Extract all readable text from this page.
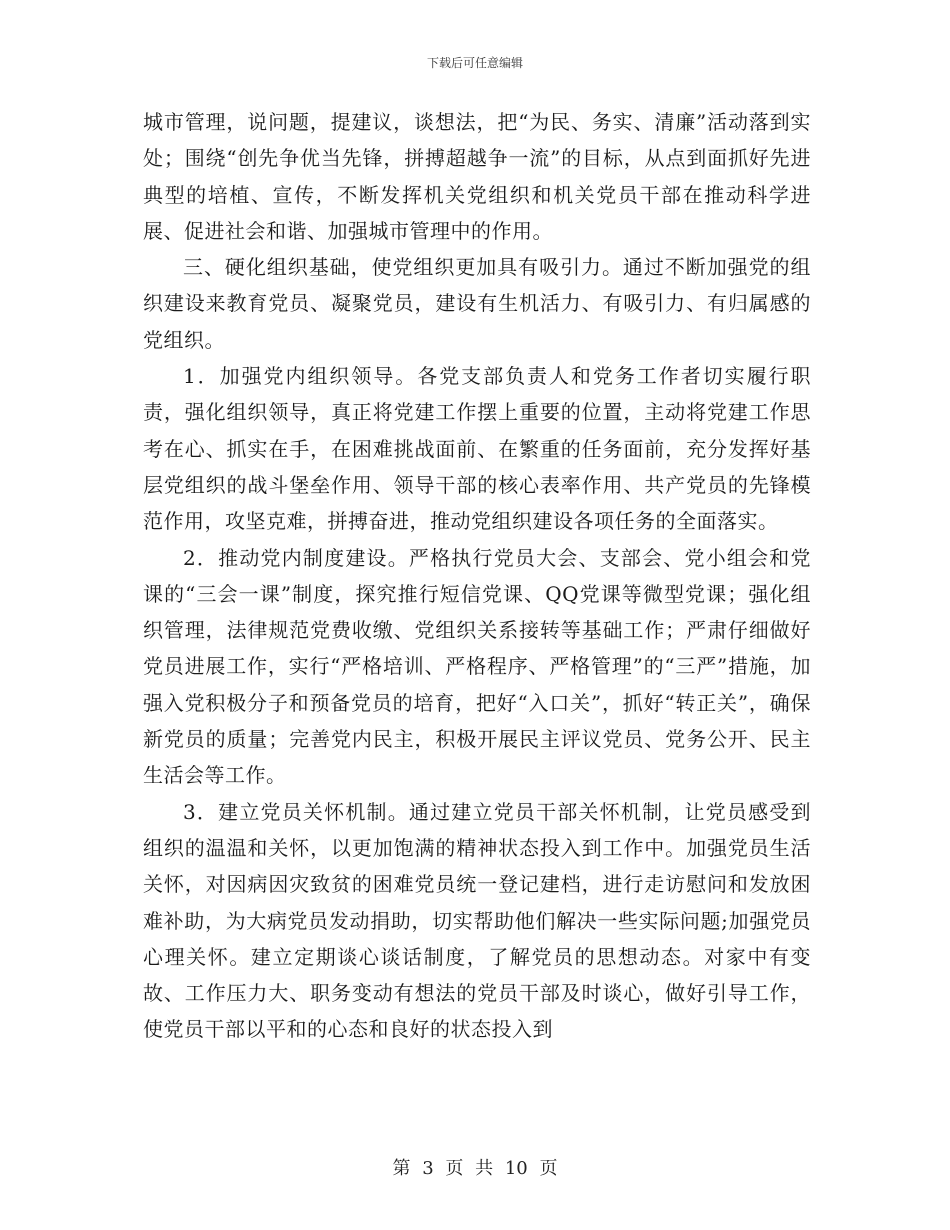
下载后可任意编辑

城市管理，说问题，提建议，谈想法，把“为民、务实、清廉”活动落到实处；围绕“创先争优当先锋，拼搏超越争一流”的目标，从点到面抓好先进典型的培植、宣传，不断发挥机关党组织和机关党员干部在推动科学进展、促进社会和谐、加强城市管理中的作用。

三、硬化组织基础，使党组织更加具有吸引力。通过不断加强党的组织建设来教育党员、凝聚党员，建设有生机活力、有吸引力、有归属感的党组织。

1．加强党内组织领导。各党支部负责人和党务工作者切实履行职责，强化组织领导，真正将党建工作摆上重要的位置，主动将党建工作思考在心、抓实在手，在困难挑战面前、在繁重的任务面前，充分发挥好基层党组织的战斗堡垒作用、领导干部的核心表率作用、共产党员的先锋模范作用，攻坚克难，拼搏奋进，推动党组织建设各项任务的全面落实。

2．推动党内制度建设。严格执行党员大会、支部会、党小组会和党课的“三会一课”制度，探究推行短信党课、QQ党课等微型党课；强化组织管理，法律规范党费收缴、党组织关系接转等基础工作；严肃仔细做好党员进展工作，实行“严格培训、严格程序、严格管理”的“三严”措施，加强入党积极分子和预备党员的培育，把好“入口关”，抓好“转正关”，确保新党员的质量；完善党内民主，积极开展民主评议党员、党务公开、民主生活会等工作。

3．建立党员关怀机制。通过建立党员干部关怀机制，让党员感受到组织的温温和关怀，以更加饱满的精神状态投入到工作中。加强党员生活关怀，对因病因灾致贫的困难党员统一登记建档，进行走访慰问和发放困难补助，为大病党员发动捐助，切实帮助他们解决一些实际问题;加强党员心理关怀。建立定期谈心谈话制度，了解党员的思想动态。对家中有变故、工作压力大、职务变动有想法的党员干部及时谈心，做好引导工作，使党员干部以平和的心态和良好的状态投入到

第 3 页 共 10 页
